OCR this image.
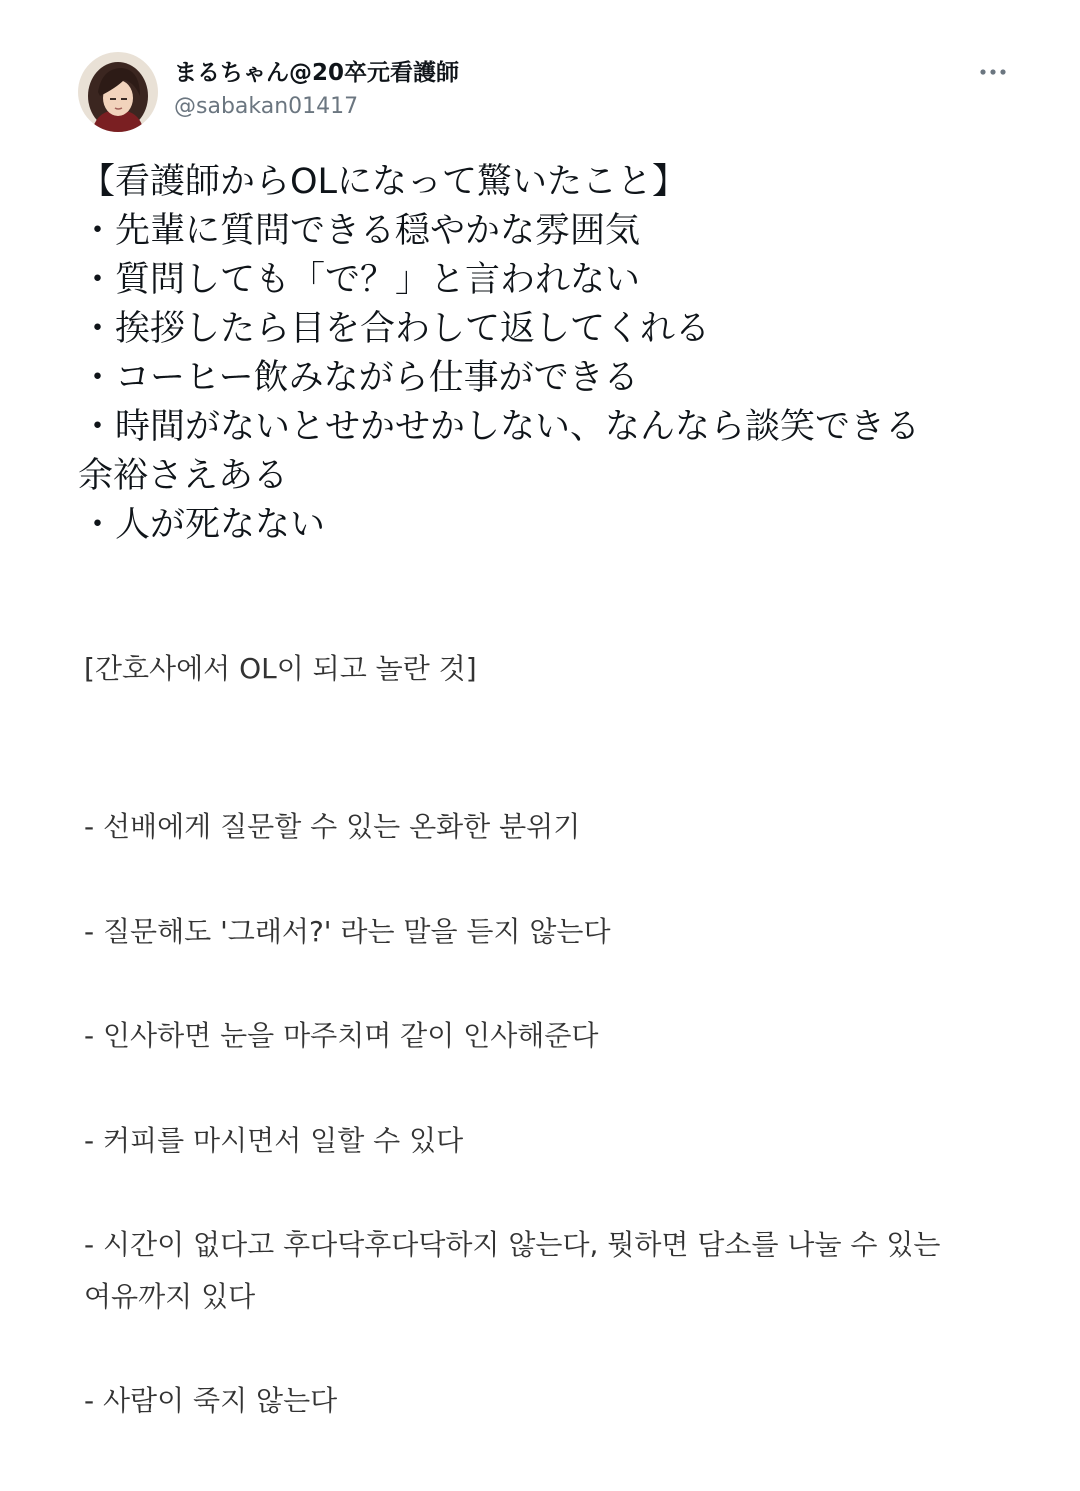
まるちゃん@20卒元看護師
@sabakan01417
【看護師からOLになって驚いたこと】
・先輩に質問できる穏やかな雰囲気
・質問しても「で？」と言われない
・挨拶したら目を合わして返してくれる
・コーヒー飲みながら仕事ができる
・時間がないとせかせかしない、なんなら談笑できる
余裕さえある
・人が死なない
[간호사에서 OL이 되고 놀란 것]
- 선배에게 질문할 수 있는 온화한 분위기
- 질문해도 '그래서?' 라는 말을 듣지 않는다
- 인사하면 눈을 마주치며 같이 인사해준다
- 커피를 마시면서 일할 수 있다
- 시간이 없다고 후다닥후다닥하지 않는다, 뭣하면 담소를 나눌 수 있는
여유까지 있다
- 사람이 죽지 않는다
